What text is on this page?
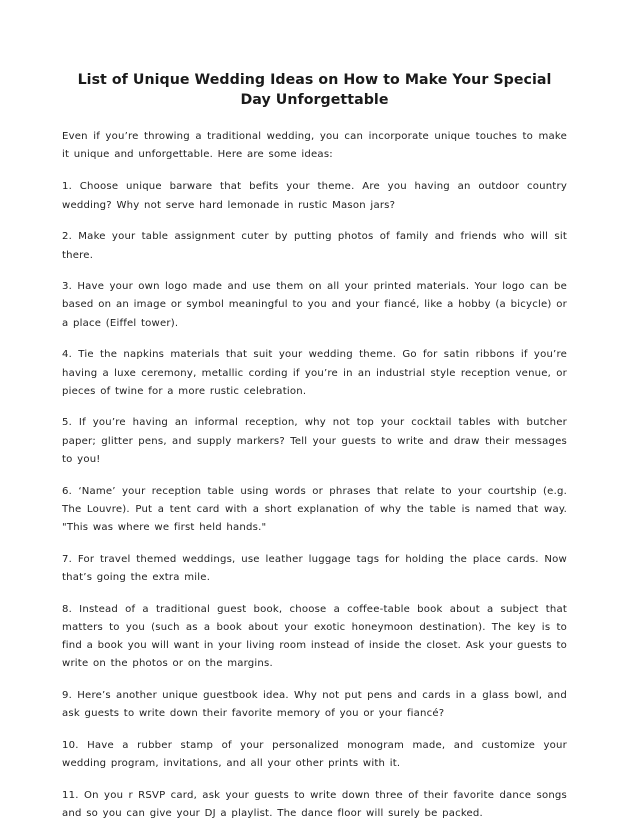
List of Unique Wedding Ideas on How to Make Your Special Day Unforgettable

Even if you’re throwing a traditional wedding, you can incorporate unique touches to make it unique and unforgettable. Here are some ideas:

1. Choose unique barware that befits your theme. Are you having an outdoor country wedding? Why not serve hard lemonade in rustic Mason jars?

2. Make your table assignment cuter by putting photos of family and friends who will sit there.

3. Have your own logo made and use them on all your printed materials. Your logo can be based on an image or symbol meaningful to you and your fiancé, like a hobby (a bicycle) or a place (Eiffel tower).

4. Tie the napkins materials that suit your wedding theme. Go for satin ribbons if you’re having a luxe ceremony, metallic cording if you’re in an industrial style reception venue, or pieces of twine for a more rustic celebration.

5. If you’re having an informal reception, why not top your cocktail tables with butcher paper; glitter pens, and supply markers? Tell your guests to write and draw their messages to you!

6. ‘Name’ your reception table using words or phrases that relate to your courtship (e.g. The Louvre). Put a tent card with a short explanation of why the table is named that way. "This was where we first held hands."

7. For travel themed weddings, use leather luggage tags for holding the place cards. Now that’s going the extra mile.

8. Instead of a traditional guest book, choose a coffee-table book about a subject that matters to you (such as a book about your exotic honeymoon destination). The key is to find a book you will want in your living room instead of inside the closet. Ask your guests to write on the photos or on the margins.

9. Here’s another unique guestbook idea. Why not put pens and cards in a glass bowl, and ask guests to write down their favorite memory of you or your fiancé?

10. Have a rubber stamp of your personalized monogram made, and customize your wedding program, invitations, and all your other prints with it.

11. On you r RSVP card, ask your guests to write down three of their favorite dance songs and so you can give your DJ a playlist. The dance floor will surely be packed.
